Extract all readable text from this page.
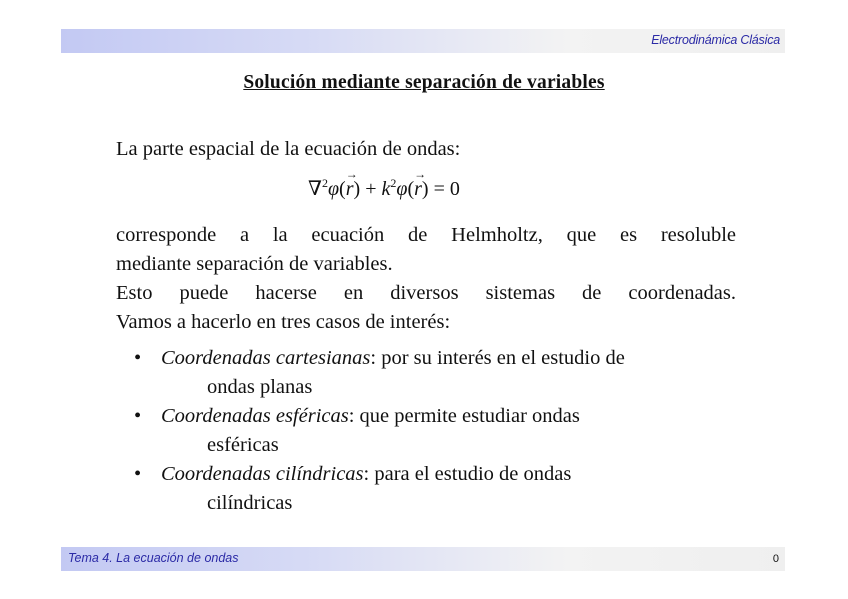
Electrodinámica Clásica
Solución mediante separación de variables
La parte espacial de la ecuación de ondas:
$\nabla^2\varphi(\to r) + k^2\varphi(\to r) = 0$
corresponde a la ecuación de Helmholtz, que es resoluble
mediante separación de variables.
Esto puede hacerse en diversos sistemas de coordenadas.
Vamos a hacerlo en tres casos de interés:
• Coordenadas cartesianas: por su interés en el estudio de
ondas planas
• Coordenadas esféricas: que permite estudiar ondas
esféricas
• Coordenadas cilíndricas: para el estudio de ondas
cilíndricas
Tema 4. La ecuación de ondas	0
